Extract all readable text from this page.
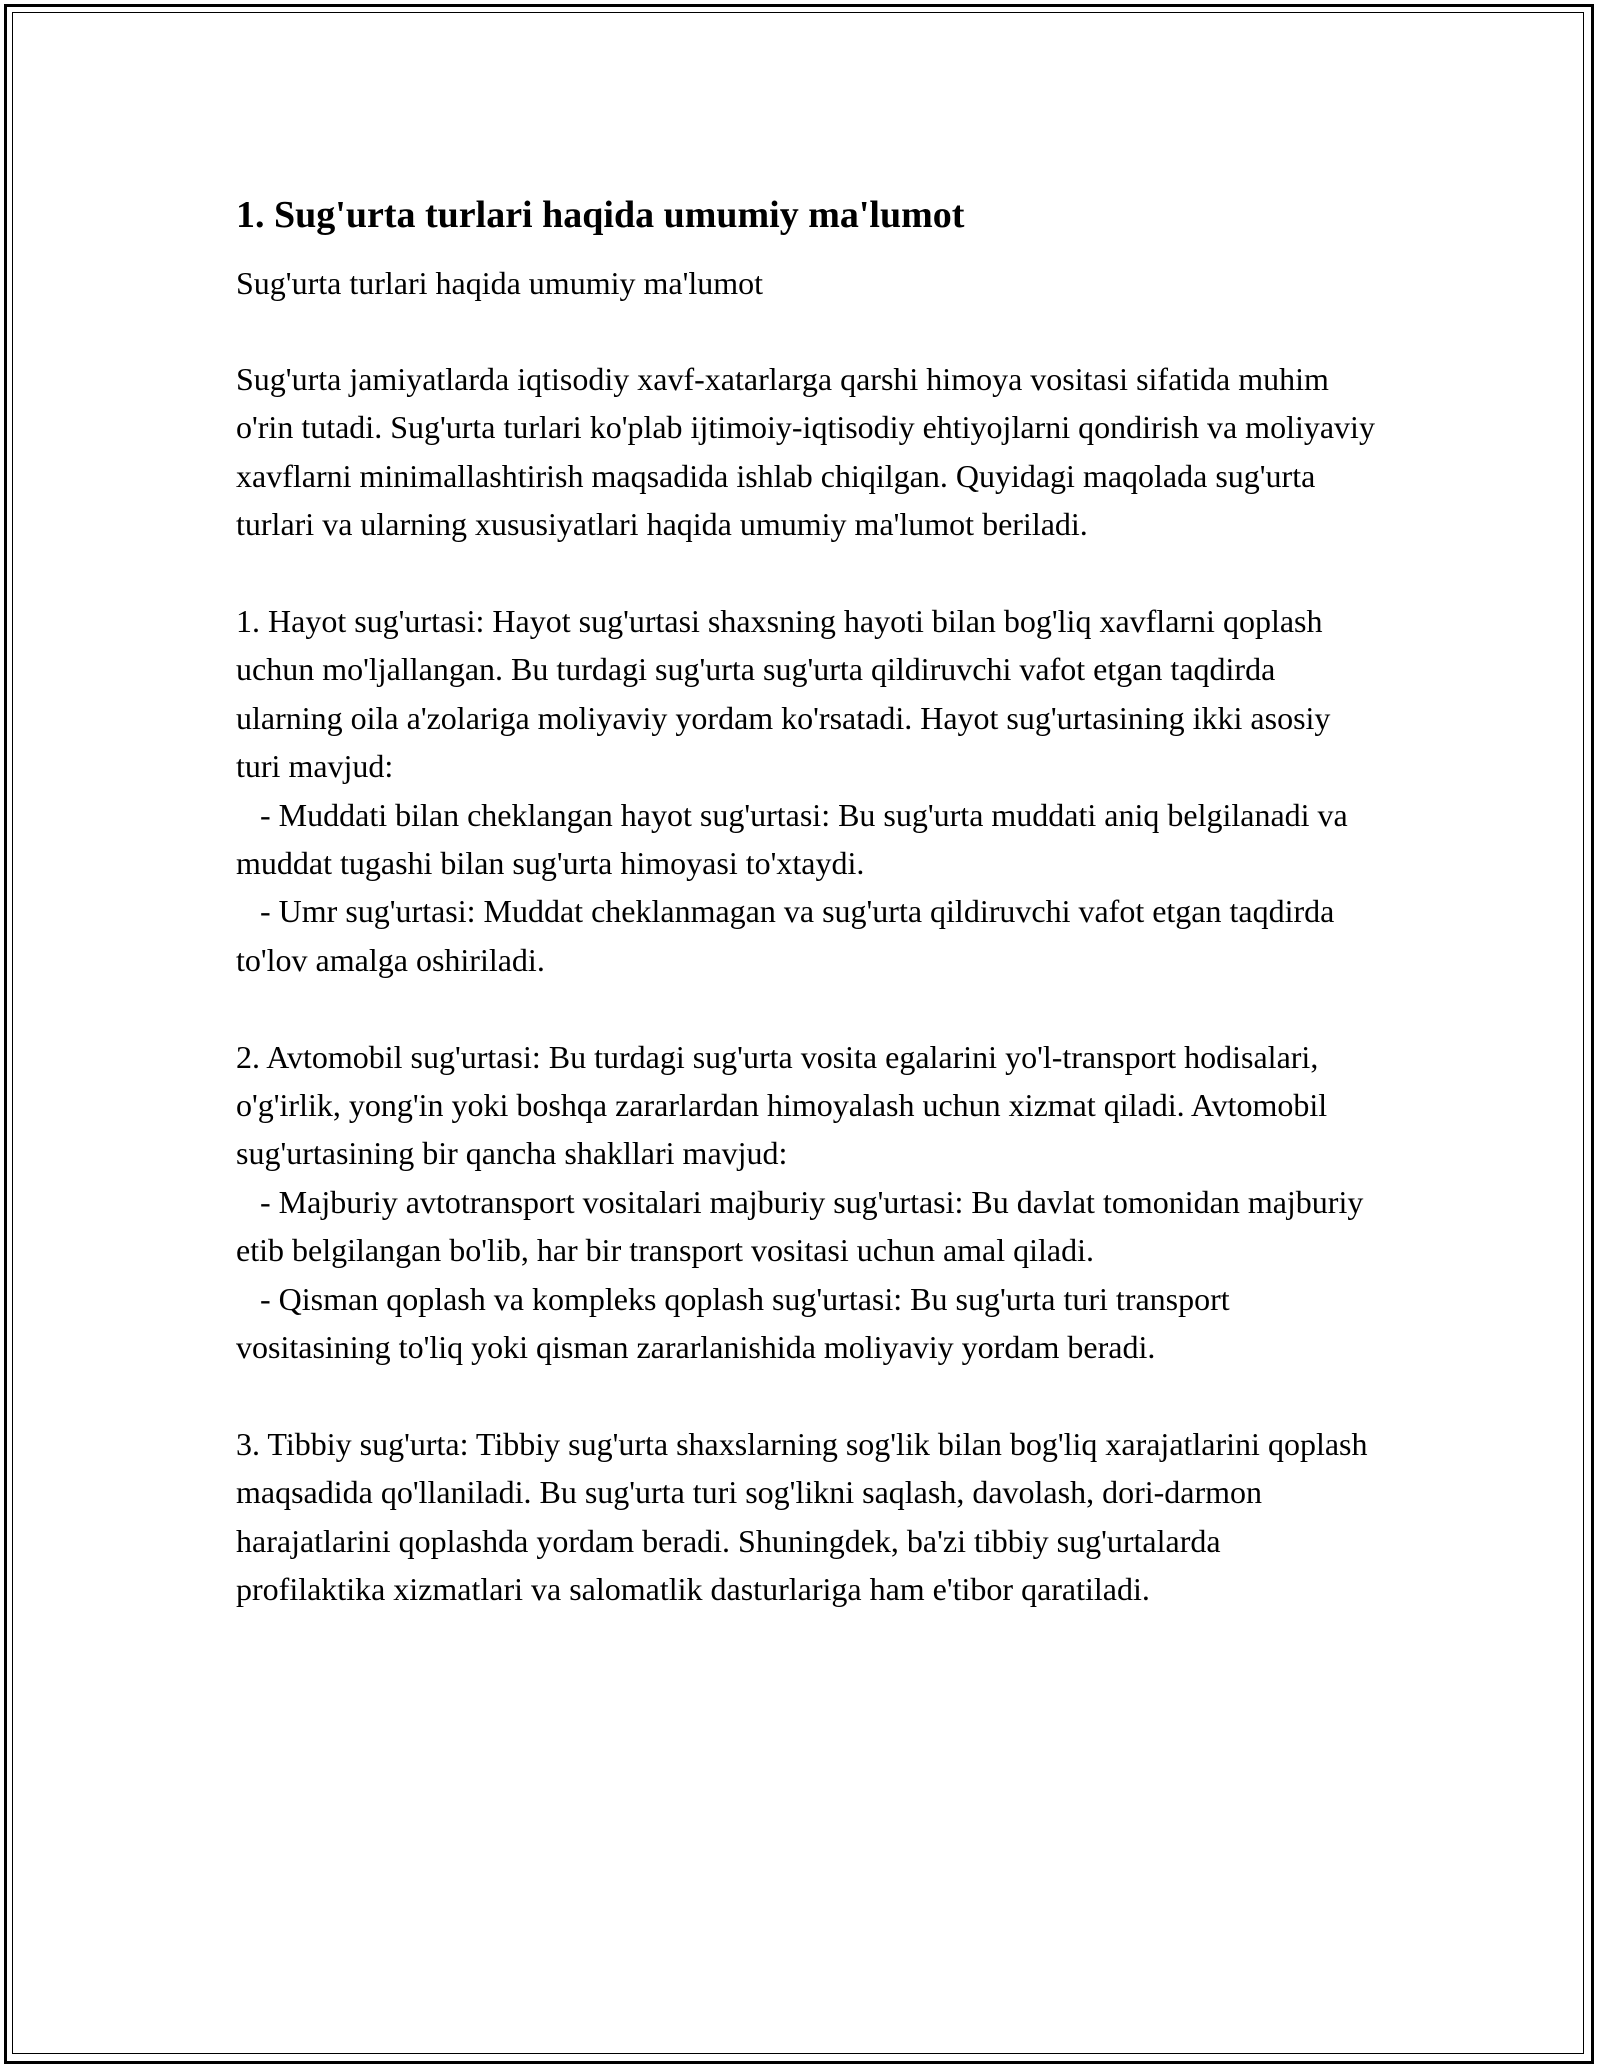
1. Sug'urta turlari haqida umumiy ma'lumot

Sug'urta turlari haqida umumiy ma'lumot

Sug'urta jamiyatlarda iqtisodiy xavf-xatarlarga qarshi himoya vositasi sifatida muhim o'rin tutadi. Sug'urta turlari ko'plab ijtimoiy-iqtisodiy ehtiyojlarni qondirish va moliyaviy xavflarni minimallashtirish maqsadida ishlab chiqilgan. Quyidagi maqolada sug'urta turlari va ularning xususiyatlari haqida umumiy ma'lumot beriladi.

1. Hayot sug'urtasi: Hayot sug'urtasi shaxsning hayoti bilan bog'liq xavflarni qoplash uchun mo'ljallangan. Bu turdagi sug'urta sug'urta qildiruvchi vafot etgan taqdirda ularning oila a'zolariga moliyaviy yordam ko'rsatadi. Hayot sug'urtasining ikki asosiy turi mavjud:
- Muddati bilan cheklangan hayot sug'urtasi: Bu sug'urta muddati aniq belgilanadi va muddat tugashi bilan sug'urta himoyasi to'xtaydi.
- Umr sug'urtasi: Muddat cheklanmagan va sug'urta qildiruvchi vafot etgan taqdirda to'lov amalga oshiriladi.

2. Avtomobil sug'urtasi: Bu turdagi sug'urta vosita egalarini yo'l-transport hodisalari, o'g'irlik, yong'in yoki boshqa zararlardan himoyalash uchun xizmat qiladi. Avtomobil sug'urtasining bir qancha shakllari mavjud:
- Majburiy avtotransport vositalari majburiy sug'urtasi: Bu davlat tomonidan majburiy etib belgilangan bo'lib, har bir transport vositasi uchun amal qiladi.
- Qisman qoplash va kompleks qoplash sug'urtasi: Bu sug'urta turi transport vositasining to'liq yoki qisman zararlanishida moliyaviy yordam beradi.

3. Tibbiy sug'urta: Tibbiy sug'urta shaxslarning sog'lik bilan bog'liq xarajatlarini qoplash maqsadida qo'llaniladi. Bu sug'urta turi sog'likni saqlash, davolash, dori-darmon harajatlarini qoplashda yordam beradi. Shuningdek, ba'zi tibbiy sug'urtalarda profilaktika xizmatlari va salomatlik dasturlariga ham e'tibor qaratiladi.
